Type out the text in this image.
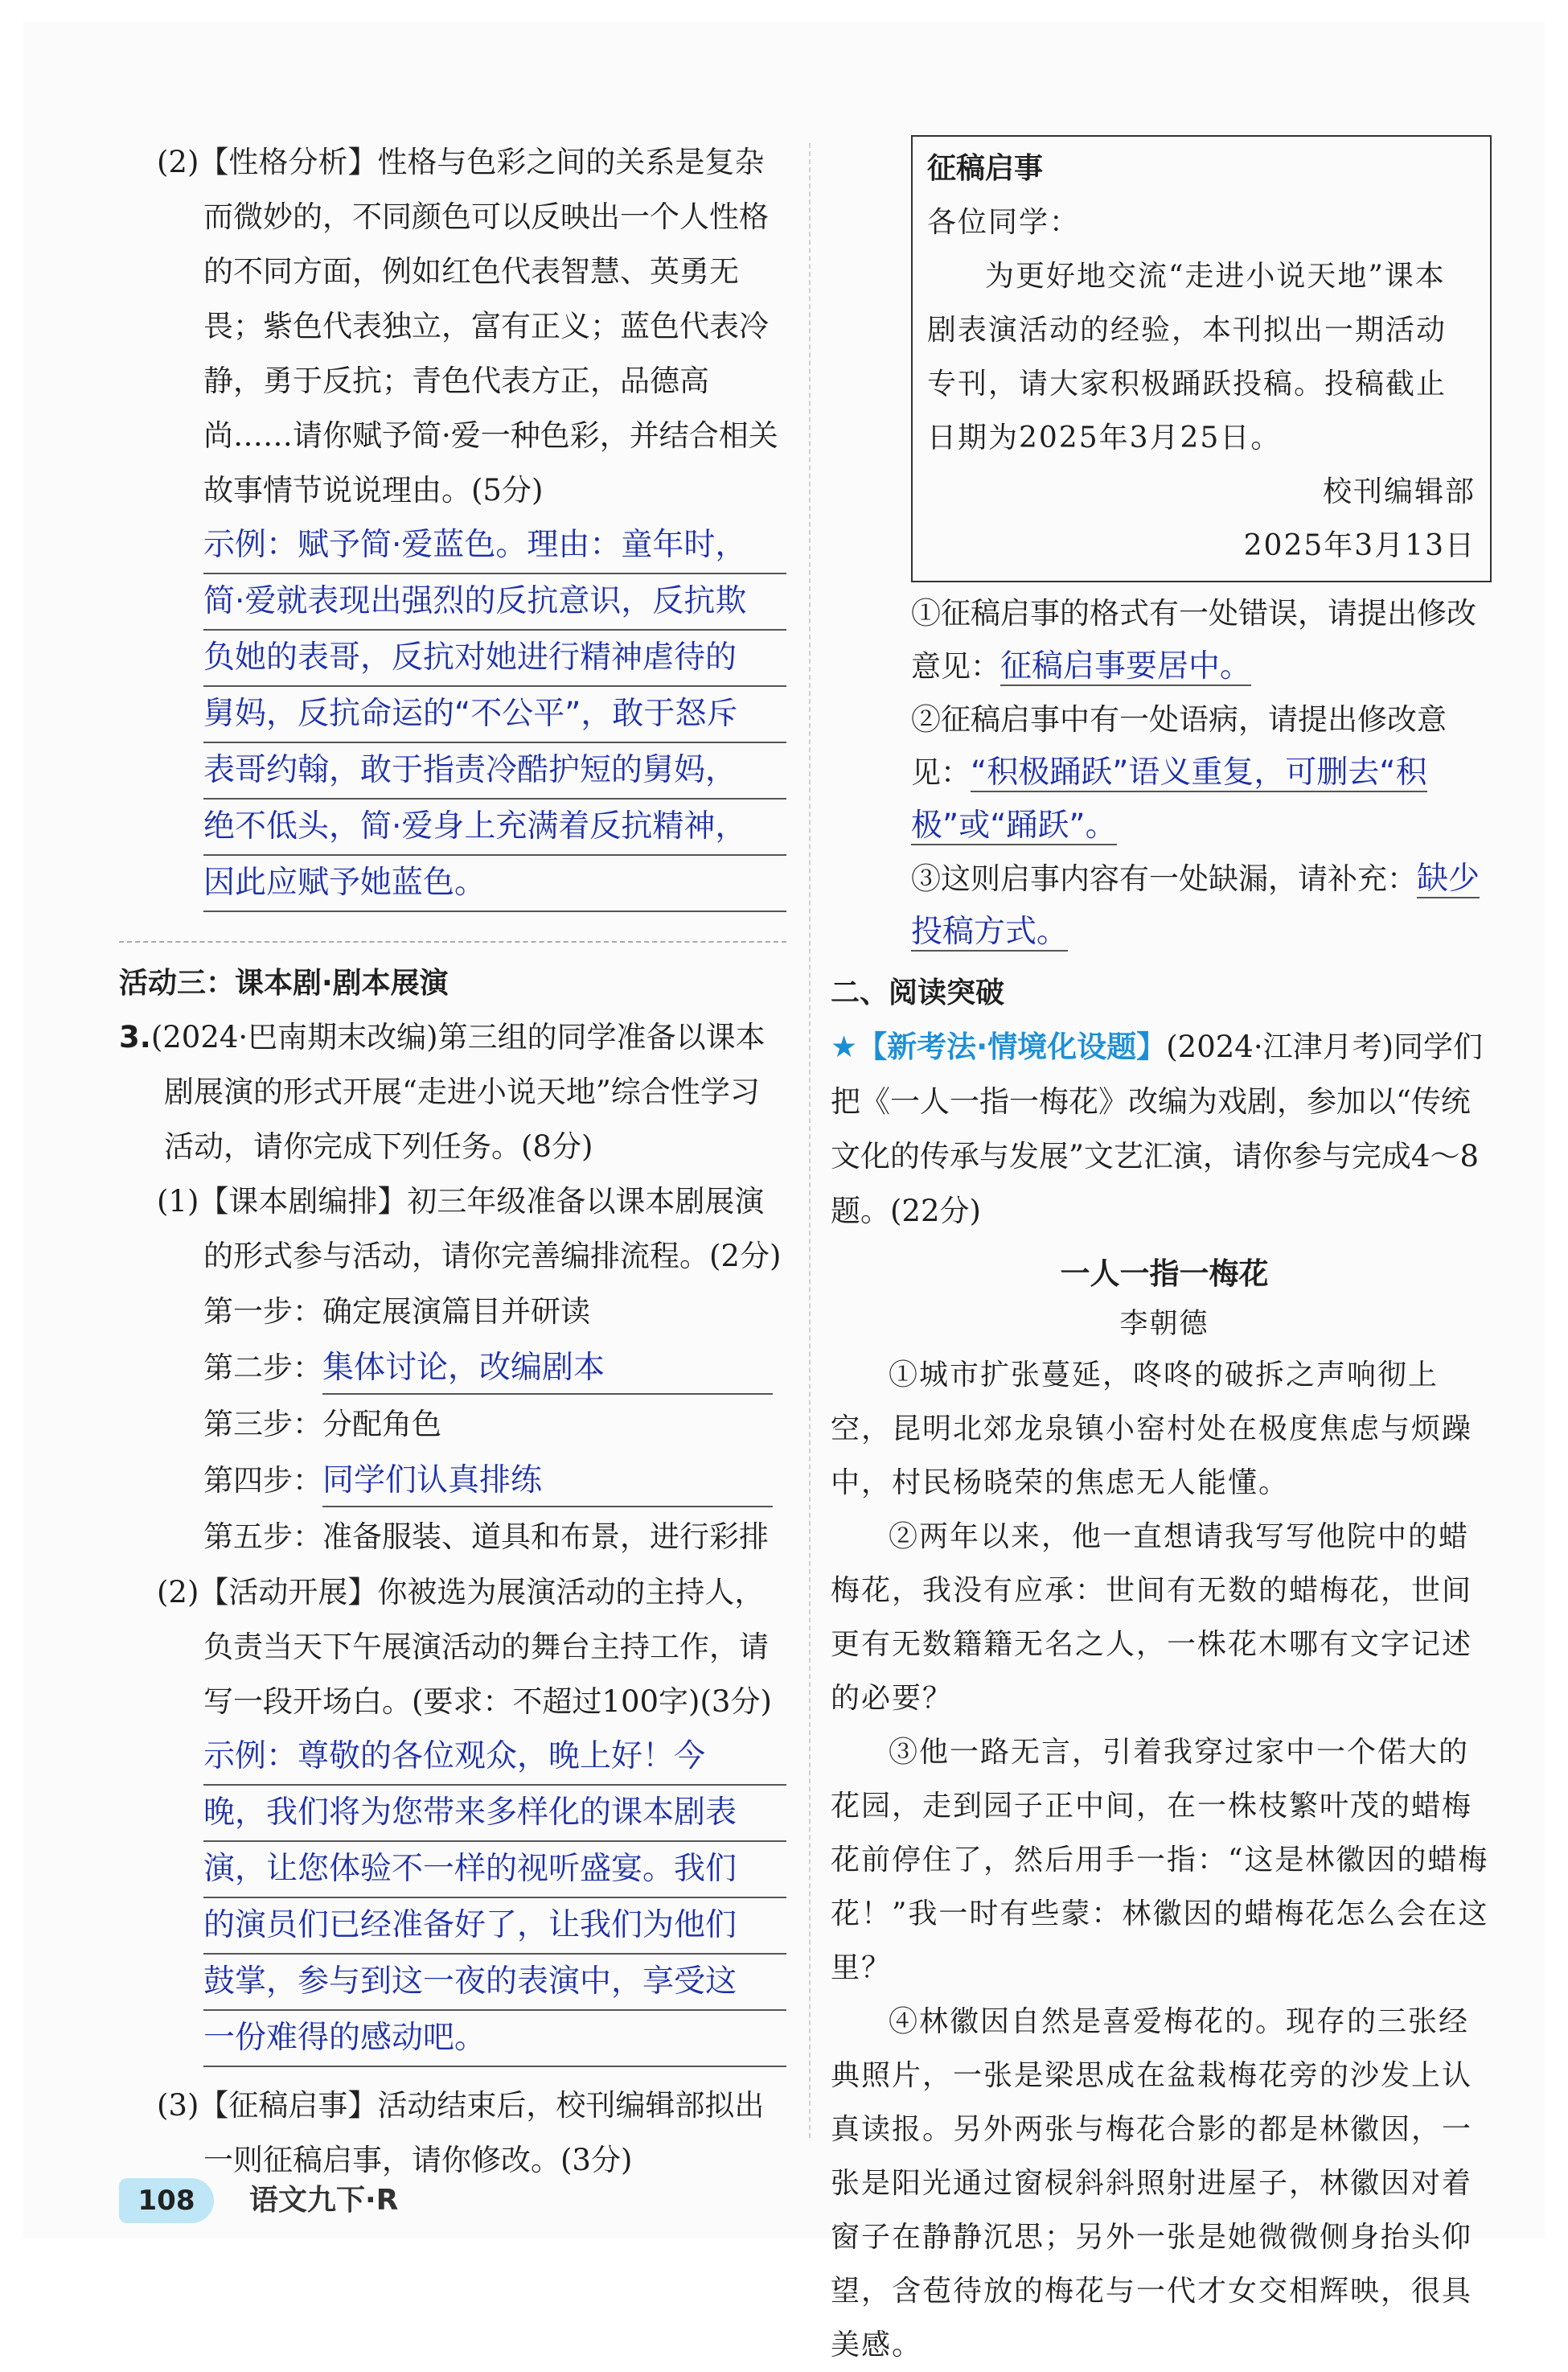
(2)【性格分析】性格与色彩之间的关系是复杂而微妙的，不同颜色可以反映出一个人性格的不同方面，例如红色代表智慧、英勇无畏；紫色代表独立，富有正义；蓝色代表冷静，勇于反抗；青色代表方正，品德高尚……请你赋予简·爱一种色彩，并结合相关故事情节说说理由。(5分)
示例：赋予简·爱蓝色。理由：童年时，
简·爱就表现出强烈的反抗意识，反抗欺
负她的表哥，反抗对她进行精神虐待的
舅妈，反抗命运的“不公平”，敢于怒斥
表哥约翰，敢于指责冷酷护短的舅妈，
绝不低头，简·爱身上充满着反抗精神，
因此应赋予她蓝色。
活动三：课本剧·剧本展演
3.(2024·巴南期末改编)第三组的同学准备以课本剧展演的形式开展“走进小说天地”综合性学习活动，请你完成下列任务。(8分)
(1)【课本剧编排】初三年级准备以课本剧展演的形式参与活动，请你完善编排流程。(2分)
第一步：确定展演篇目并研读
第二步：集体讨论，改编剧本
第三步：分配角色
第四步：同学们认真排练
第五步：准备服装、道具和布景，进行彩排
(2)【活动开展】你被选为展演活动的主持人，负责当天下午展演活动的舞台主持工作，请写一段开场白。(要求：不超过100字)(3分)
示例：尊敬的各位观众，晚上好！今
晚，我们将为您带来多样化的课本剧表
演，让您体验不一样的视听盛宴。我们
的演员们已经准备好了，让我们为他们
鼓掌，参与到这一夜的表演中，享受这
一份难得的感动吧。
(3)【征稿启事】活动结束后，校刊编辑部拟出一则征稿启事，请你修改。(3分)
征稿启事
各位同学：
为更好地交流“走进小说天地”课本剧表演活动的经验，本刊拟出一期活动专刊，请大家积极踊跃投稿。投稿截止日期为2025年3月25日。
校刊编辑部
2025年3月13日
①征稿启事的格式有一处错误，请提出修改意见：征稿启事要居中。
②征稿启事中有一处语病，请提出修改意见：“积极踊跃”语义重复，可删去“积极”或“踊跃”。
③这则启事内容有一处缺漏，请补充：缺少投稿方式。
二、阅读突破
★【新考法·情境化设题】(2024·江津月考)同学们把《一人一指一梅花》改编为戏剧，参加以“传统文化的传承与发展”文艺汇演，请你参与完成4～8题。(22分)
一人一指一梅花
李朝德
①城市扩张蔓延，咚咚的破拆之声响彻上空，昆明北郊龙泉镇小窑村处在极度焦虑与烦躁中，村民杨晓荣的焦虑无人能懂。
②两年以来，他一直想请我写写他院中的蜡梅花，我没有应承：世间有无数的蜡梅花，世间更有无数籍籍无名之人，一株花木哪有文字记述的必要？
③他一路无言，引着我穿过家中一个偌大的花园，走到园子正中间，在一株枝繁叶茂的蜡梅花前停住了，然后用手一指：“这是林徽因的蜡梅花！”我一时有些蒙：林徽因的蜡梅花怎么会在这里？
④林徽因自然是喜爱梅花的。现存的三张经典照片，一张是梁思成在盆栽梅花旁的沙发上认真读报。另外两张与梅花合影的都是林徽因，一张是阳光通过窗棂斜斜照射进屋子，林徽因对着窗子在静静沉思；另外一张是她微微侧身抬头仰望，含苞待放的梅花与一代才女交相辉映，很具美感。
108	语文九下·R
